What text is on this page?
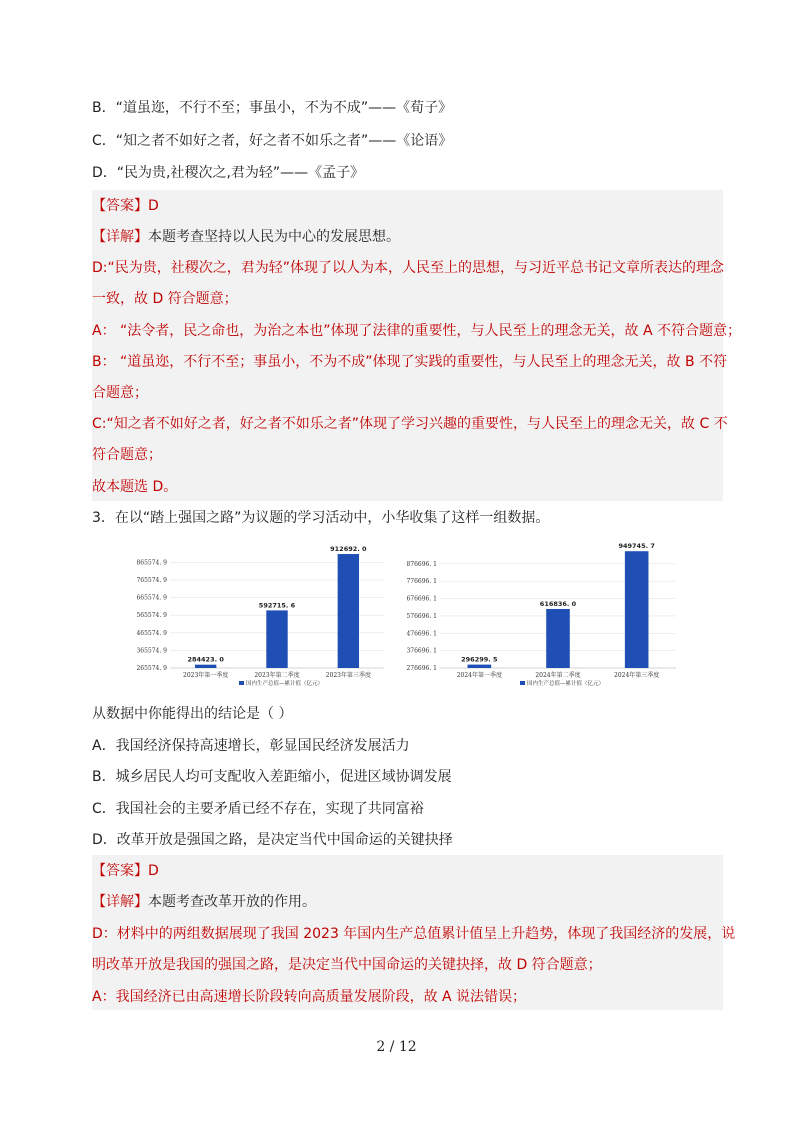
B．“道虽迩，不行不至；事虽小，不为不成”——《荀子》
C．“知之者不如好之者，好之者不如乐之者”——《论语》
D．“民为贵,社稷次之,君为轻”——《孟子》
【答案】D
【详解】本题考查坚持以人民为中心的发展思想。
D:“民为贵，社稷次之，君为轻”体现了以人为本，人民至上的思想，与习近平总书记文章所表达的理念
一致，故 D 符合题意；
A： “法令者，民之命也，为治之本也”体现了法律的重要性，与人民至上的理念无关，故 A 不符合题意；
B： “道虽迩，不行不至；事虽小，不为不成”体现了实践的重要性，与人民至上的理念无关，故 B 不符
合题意；
C:“知之者不如好之者，好之者不如乐之者”体现了学习兴趣的重要性，与人民至上的理念无关，故 C 不
符合题意；
故本题选 D。
3．在以“踏上强国之路”为议题的学习活动中，小华收集了这样一组数据。
265574. 9
365574. 9
465574. 9
565574. 9
665574. 9
765574. 9
865574. 9
284423. 0
2023年第一季度
592715. 6
2023年第二季度
912692. 0
2023年第三季度
国内生产总值—累计值（亿元）
276696. 1
376696. 1
476696. 1
576696. 1
676696. 1
776696. 1
876696. 1
296299. 5
2024年第一季度
616836. 0
2024年第二季度
949745. 7
2024年第三季度
国内生产总值—累计值（亿元）
从数据中你能得出的结论是（ ）
A．我国经济保持高速增长，彰显国民经济发展活力
B．城乡居民人均可支配收入差距缩小，促进区域协调发展
C．我国社会的主要矛盾已经不存在，实现了共同富裕
D．改革开放是强国之路，是决定当代中国命运的关键抉择
【答案】D
【详解】本题考查改革开放的作用。
D：材料中的两组数据展现了我国 2023 年国内生产总值累计值呈上升趋势，体现了我国经济的发展，说
明改革开放是我国的强国之路，是决定当代中国命运的关键抉择，故 D 符合题意；
A：我国经济已由高速增长阶段转向高质量发展阶段，故 A 说法错误；
2 / 12
